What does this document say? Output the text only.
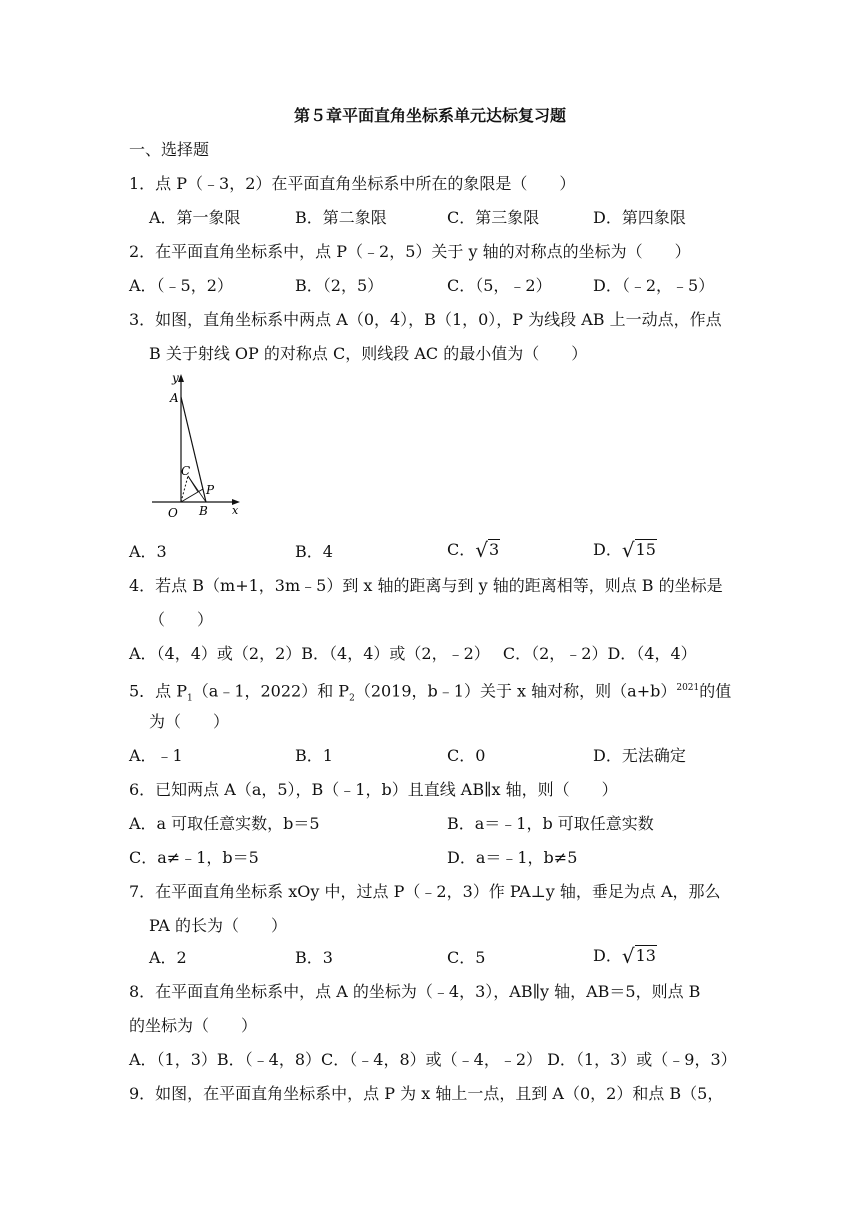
第５章平面直角坐标系单元达标复习题
一、选择题
1．点 P（﹣3，2）在平面直角坐标系中所在的象限是（　　）
A．第一象限	B．第二象限	C．第三象限	D．第四象限
2．在平面直角坐标系中，点 P（﹣2，5）关于 y 轴的对称点的坐标为（　　）
A．（﹣5，2）	B．（2，5）	C．（5，﹣2）	D．（﹣2，﹣5）
3．如图，直角坐标系中两点 A（0，4），B（1，0），P 为线段 AB 上一动点，作点
B 关于射线 OP 的对称点 C，则线段 AC 的最小值为（　　）
y
A
C
P
O B x
A．3	B．4	C．√3	D．√15
4．若点 B（m+1，3m﹣5）到 x 轴的距离与到 y 轴的距离相等，则点 B 的坐标是
（　　）
A．（4，4）或（2，2）B．（4，4）或（2，﹣2）　 C．（2，﹣2）D．（4，4）
5．点 $P_1(a﹣1$，2022）和 $P_2(2019$，b﹣1）关于 x 轴对称，则$(a+b)^{2021}$的值
为（　　）
A．﹣1	B．1	C．0	D．无法确定
6．已知两点 A（a，5），B（﹣1，b）且直线 AB∥x 轴，则（　　）
A．a 可取任意实数，b＝5	B．a＝﹣1，b 可取任意实数
C．a≠﹣1，b＝5	D．a＝﹣1，b≠5
7．在平面直角坐标系 xOy 中，过点 P（﹣2，3）作 PA⊥y 轴，垂足为点 A，那么
PA 的长为（　　）
A．2	B．3	C．5	D．√13
8．在平面直角坐标系中，点 A 的坐标为（﹣4，3），AB∥y 轴，AB＝5，则点 B
的坐标为（　　）
A．（1，3）B．（﹣4，8）C．（﹣4，8）或（﹣4，﹣2） D．（1，3）或（﹣9，3）
9．如图，在平面直角坐标系中，点 P 为 x 轴上一点，且到 A（0，2）和点 B（5，
